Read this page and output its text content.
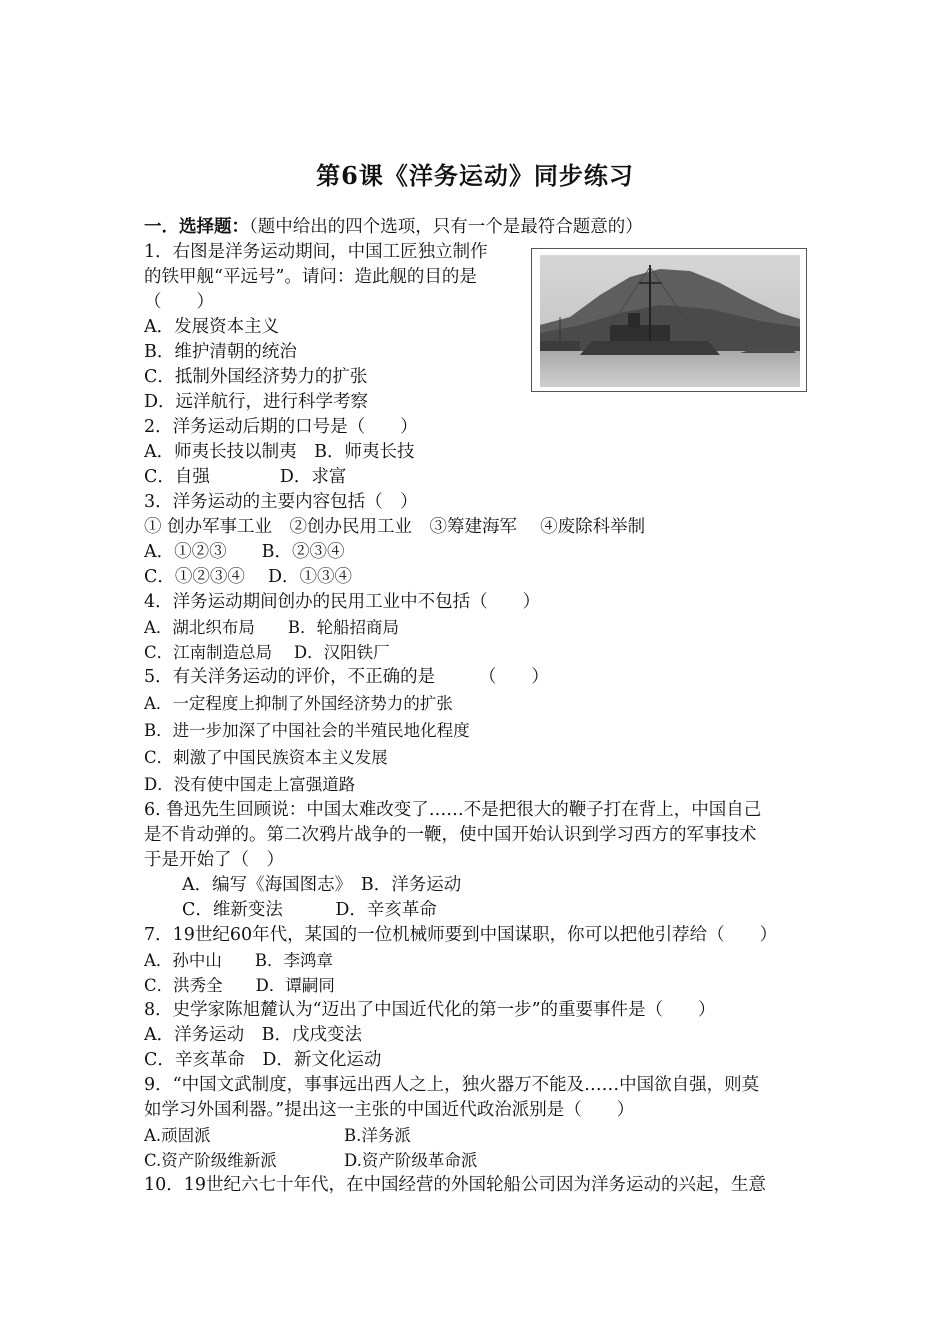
第6课《洋务运动》同步练习
一．选择题：（题中给出的四个选项，只有一个是最符合题意的）
1．右图是洋务运动期间，中国工匠独立制作
的铁甲舰“平远号”。请问：造此舰的目的是
（　　）
A．发展资本主义
B．维护清朝的统治
C．抵制外国经济势力的扩张
D．远洋航行，进行科学考察
2．洋务运动后期的口号是（　　）
A．师夷长技以制夷　B．师夷长技
C．自强　　　　D．求富
3．洋务运动的主要内容包括（　）
① 创办军事工业　②创办民用工业　③筹建海军　 ④废除科举制
A．①②③　　B．②③④
C．①②③④　 D．①③④
4．洋务运动期间创办的民用工业中不包括（　　）
A．湖北织布局　　B．轮船招商局
C．江南制造总局　 D．汉阳铁厂
5．有关洋务运动的评价，不正确的是　　　（　　）
A．一定程度上抑制了外国经济势力的扩张
B．进一步加深了中国社会的半殖民地化程度
C．刺激了中国民族资本主义发展
D．没有使中国走上富强道路
6. 鲁迅先生回顾说：中国太难改变了……不是把很大的鞭子打在背上，中国自己
是不肯动弹的。第二次鸦片战争的一鞭，使中国开始认识到学习西方的军事技术
于是开始了（　）
A．编写《海国图志》　B．洋务运动
C．维新变法　　　D．辛亥革命
7．19世纪60年代，某国的一位机械师要到中国谋职，你可以把他引荐给（　　）
A．孙中山　　B．李鸿章
C．洪秀全　　D．谭嗣同
8．史学家陈旭麓认为“迈出了中国近代化的第一步”的重要事件是（　　）
A．洋务运动　B．戊戌变法
C．辛亥革命　D．新文化运动
9．“中国文武制度，事事远出西人之上，独火器万不能及……中国欲自强，则莫
如学习外国利器。”提出这一主张的中国近代政治派别是（　　）
A.顽固派	B.洋务派
C.资产阶级维新派	D.资产阶级革命派
10．19世纪六七十年代，在中国经营的外国轮船公司因为洋务运动的兴起，生意
